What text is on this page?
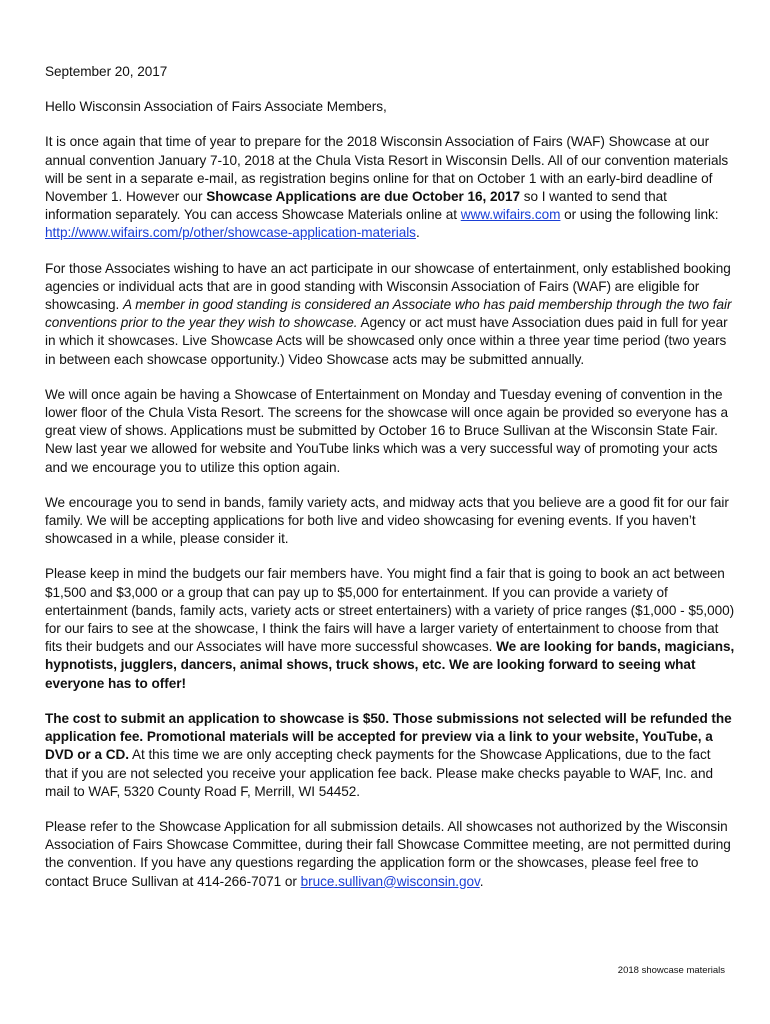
September 20, 2017

Hello Wisconsin Association of Fairs Associate Members,

It is once again that time of year to prepare for the 2018 Wisconsin Association of Fairs (WAF) Showcase at our annual convention January 7-10, 2018 at the Chula Vista Resort in Wisconsin Dells. All of our convention materials will be sent in a separate e-mail, as registration begins online for that on October 1 with an early-bird deadline of November 1. However our Showcase Applications are due October 16, 2017 so I wanted to send that information separately. You can access Showcase Materials online at www.wifairs.com or using the following link: http://www.wifairs.com/p/other/showcase-application-materials.

For those Associates wishing to have an act participate in our showcase of entertainment, only established booking agencies or individual acts that are in good standing with Wisconsin Association of Fairs (WAF) are eligible for showcasing. A member in good standing is considered an Associate who has paid membership through the two fair conventions prior to the year they wish to showcase. Agency or act must have Association dues paid in full for year in which it showcases. Live Showcase Acts will be showcased only once within a three year time period (two years in between each showcase opportunity.) Video Showcase acts may be submitted annually.

We will once again be having a Showcase of Entertainment on Monday and Tuesday evening of convention in the lower floor of the Chula Vista Resort. The screens for the showcase will once again be provided so everyone has a great view of shows. Applications must be submitted by October 16 to Bruce Sullivan at the Wisconsin State Fair. New last year we allowed for website and YouTube links which was a very successful way of promoting your acts and we encourage you to utilize this option again.

We encourage you to send in bands, family variety acts, and midway acts that you believe are a good fit for our fair family. We will be accepting applications for both live and video showcasing for evening events. If you haven’t showcased in a while, please consider it.

Please keep in mind the budgets our fair members have. You might find a fair that is going to book an act between $1,500 and $3,000 or a group that can pay up to $5,000 for entertainment. If you can provide a variety of entertainment (bands, family acts, variety acts or street entertainers) with a variety of price ranges ($1,000 - $5,000) for our fairs to see at the showcase, I think the fairs will have a larger variety of entertainment to choose from that fits their budgets and our Associates will have more successful showcases. We are looking for bands, magicians, hypnotists, jugglers, dancers, animal shows, truck shows, etc. We are looking forward to seeing what everyone has to offer!

The cost to submit an application to showcase is $50. Those submissions not selected will be refunded the application fee. Promotional materials will be accepted for preview via a link to your website, YouTube, a DVD or a CD. At this time we are only accepting check payments for the Showcase Applications, due to the fact that if you are not selected you receive your application fee back. Please make checks payable to WAF, Inc. and mail to WAF, 5320 County Road F, Merrill, WI 54452.

Please refer to the Showcase Application for all submission details. All showcases not authorized by the Wisconsin Association of Fairs Showcase Committee, during their fall Showcase Committee meeting, are not permitted during the convention. If you have any questions regarding the application form or the showcases, please feel free to contact Bruce Sullivan at 414-266-7071 or bruce.sullivan@wisconsin.gov.

2018 showcase materials
